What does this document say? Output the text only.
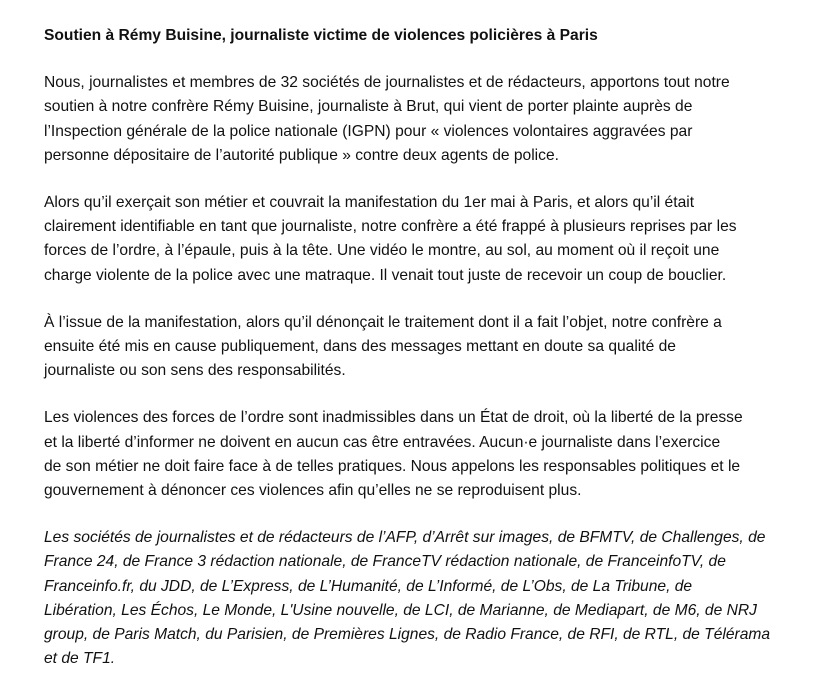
Soutien à Rémy Buisine, journaliste victime de violences policières à Paris

Nous, journalistes et membres de 32 sociétés de journalistes et de rédacteurs, apportons tout notre
soutien à notre confrère Rémy Buisine, journaliste à Brut, qui vient de porter plainte auprès de
l’Inspection générale de la police nationale (IGPN) pour « violences volontaires aggravées par
personne dépositaire de l’autorité publique » contre deux agents de police.

Alors qu’il exerçait son métier et couvrait la manifestation du 1er mai à Paris, et alors qu’il était
clairement identifiable en tant que journaliste, notre confrère a été frappé à plusieurs reprises par les
forces de l’ordre, à l’épaule, puis à la tête. Une vidéo le montre, au sol, au moment où il reçoit une
charge violente de la police avec une matraque. Il venait tout juste de recevoir un coup de bouclier.

À l’issue de la manifestation, alors qu’il dénonçait le traitement dont il a fait l’objet, notre confrère a
ensuite été mis en cause publiquement, dans des messages mettant en doute sa qualité de
journaliste ou son sens des responsabilités.

Les violences des forces de l’ordre sont inadmissibles dans un État de droit, où la liberté de la presse
et la liberté d’informer ne doivent en aucun cas être entravées. Aucun·e journaliste dans l’exercice
de son métier ne doit faire face à de telles pratiques. Nous appelons les responsables politiques et le
gouvernement à dénoncer ces violences afin qu’elles ne se reproduisent plus.

Les sociétés de journalistes et de rédacteurs de l’AFP, d’Arrêt sur images, de BFMTV, de Challenges, de
France 24, de France 3 rédaction nationale, de FranceTV rédaction nationale, de FranceinfoTV, de
Franceinfo.fr, du JDD, de L’Express, de L’Humanité, de L’Informé, de L’Obs, de La Tribune, de
Libération, Les Échos, Le Monde, L'Usine nouvelle, de LCI, de Marianne, de Mediapart, de M6, de NRJ
group, de Paris Match, du Parisien, de Premières Lignes, de Radio France, de RFI, de RTL, de Télérama
et de TF1.
